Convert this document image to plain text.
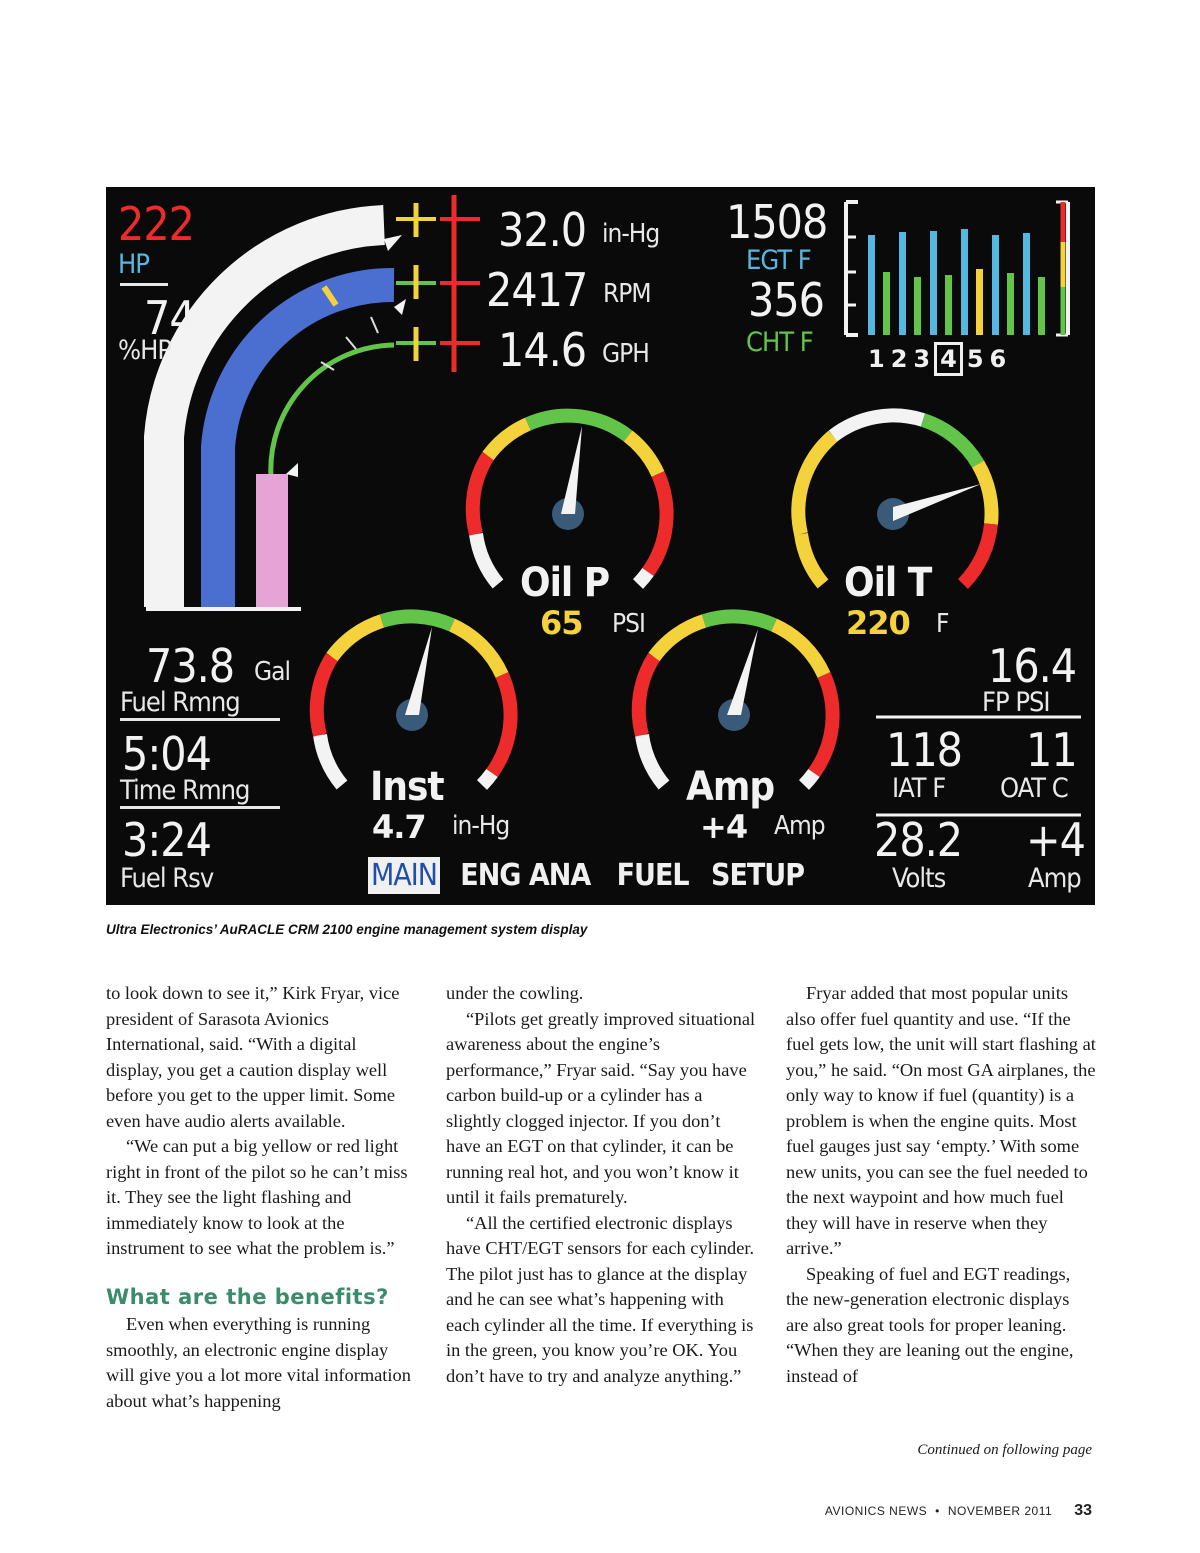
222
HP
74
%HP
32.0 in-Hg
2417 RPM
14.6 GPH
1508
EGT F
356
CHT F
1 2 3 4 5 6
Oil P
65 PSI
Oil T
220 F
73.8 Gal
Fuel Rmng
5:04
Time Rmng
3:24
Fuel Rsv
Inst
4.7 in-Hg
Amp
+4 Amp
16.4
FP PSI
118 11
IAT F OAT C
28.2 +4
Volts	Amp
MAIN ENG ANA FUEL SETUP
Ultra Electronics’ AuRACLE CRM 2100 engine management system display

to look down to see it,” Kirk Fryar, vice president of Sarasota Avionics International, said. “With a digital display, you get a caution display well before you get to the upper limit. Some even have audio alerts available.

“We can put a big yellow or red light right in front of the pilot so he can’t miss it. They see the light flashing and immediately know to look at the instrument to see what the problem is.”

What are the benefits?

Even when everything is running smoothly, an electronic engine display will give you a lot more vital information about what’s happening

under the cowling.

“Pilots get greatly improved situational awareness about the engine’s performance,” Fryar said. “Say you have carbon build-up or a cylinder has a slightly clogged injector. If you don’t have an EGT on that cylinder, it can be running real hot, and you won’t know it until it fails prematurely.

“All the certified electronic displays have CHT/EGT sensors for each cylinder. The pilot just has to glance at the display and he can see what’s happening with each cylinder all the time. If everything is in the green, you know you’re OK. You don’t have to try and analyze anything.”

Fryar added that most popular units also offer fuel quantity and use. “If the fuel gets low, the unit will start flashing at you,” he said. “On most GA airplanes, the only way to know if fuel (quantity) is a problem is when the engine quits. Most fuel gauges just say ‘empty.’ With some new units, you can see the fuel needed to the next waypoint and how much fuel they will have in reserve when they arrive.”

Speaking of fuel and EGT readings, the new-generation electronic displays are also great tools for proper leaning. “When they are leaning out the engine, instead of

Continued on following page
AVIONICS NEWS • NOVEMBER 2011 33
